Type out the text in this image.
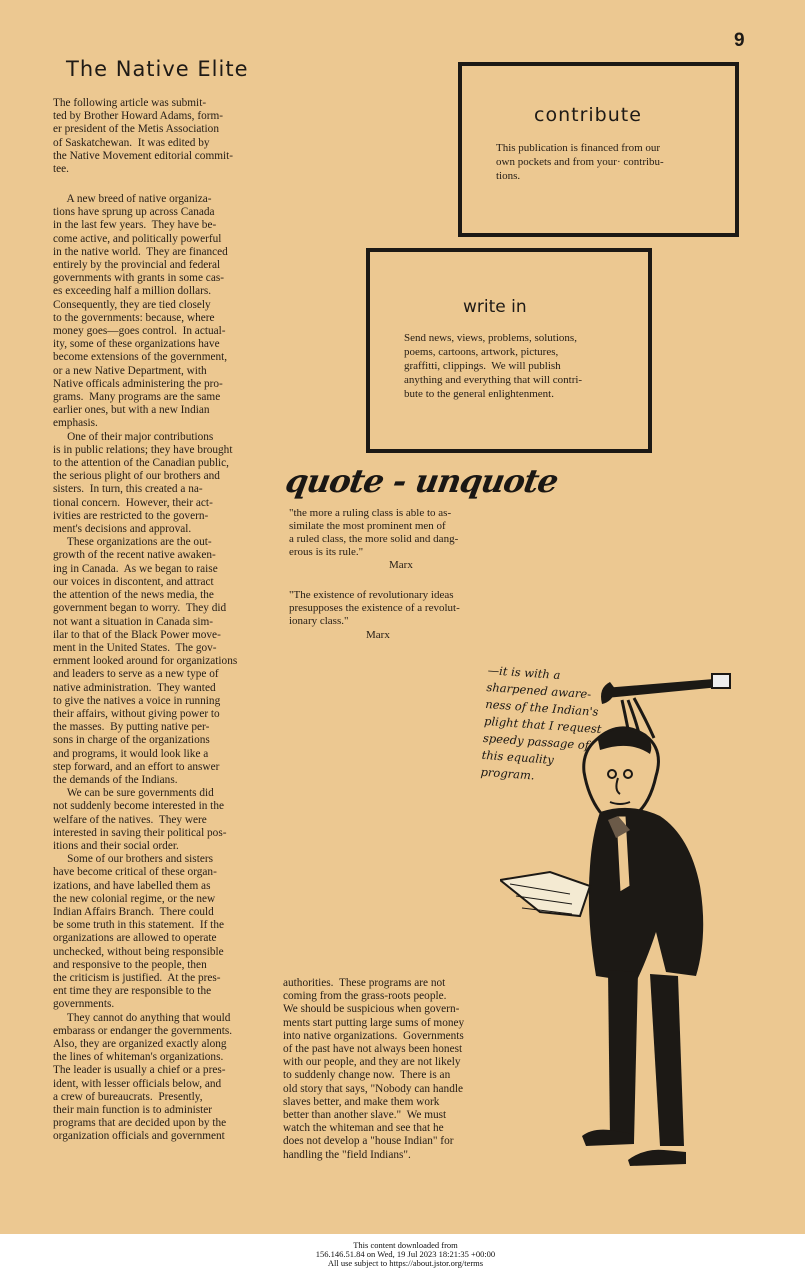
9
The Native Elite

The following article was submit-

ted by Brother Howard Adams, form-

er president of the Metis Association

of Saskatchewan.  It was edited by

the Native Movement editorial commit-

tee.

A new breed of native organiza-

tions have sprung up across Canada

in the last few years.  They have be-

come active, and politically powerful

in the native world.  They are financed

entirely by the provincial and federal

governments with grants in some cas-

es exceeding half a million dollars.

Consequently, they are tied closely

to the governments: because, where

money goes—goes control.  In actual-

ity, some of these organizations have

become extensions of the government,

or a new Native Department, with

Native officals administering the pro-

grams.  Many programs are the same

earlier ones, but with a new Indian

emphasis.

One of their major contributions

is in public relations; they have brought

to the attention of the Canadian public,

the serious plight of our brothers and

sisters.  In turn, this created a na-

tional concern.  However, their act-

ivities are restricted to the govern-

ment's decisions and approval.

These organizations are the out-

growth of the recent native awaken-

ing in Canada.  As we began to raise

our voices in discontent, and attract

the attention of the news media, the

government began to worry.  They did

not want a situation in Canada sim-

ilar to that of the Black Power move-

ment in the United States.  The gov-

ernment looked around for organizations

and leaders to serve as a new type of

native administration.  They wanted

to give the natives a voice in running

their affairs, without giving power to

the masses.  By putting native per-

sons in charge of the organizations

and programs, it would look like a

step forward, and an effort to answer

the demands of the Indians.

We can be sure governments did

not suddenly become interested in the

welfare of the natives.  They were

interested in saving their political pos-

itions and their social order.

Some of our brothers and sisters

have become critical of these organ-

izations, and have labelled them as

the new colonial regime, or the new

Indian Affairs Branch.  There could

be some truth in this statement.  If the

organizations are allowed to operate

unchecked, without being responsible

and responsive to the people, then

the criticism is justified.  At the pres-

ent time they are responsible to the

governments.

They cannot do anything that would

embarass or endanger the governments.

Also, they are organized exactly along

the lines of whiteman's organizations.

The leader is usually a chief or a pres-

ident, with lesser officials below, and

a crew of bureaucrats.  Presently,

their main function is to administer

programs that are decided upon by the

organization officials and government

authorities.  These programs are not

coming from the grass-roots people.

We should be suspicious when govern-

ments start putting large sums of money

into native organizations.  Governments

of the past have not always been honest

with our people, and they are not likely

to suddenly change now.  There is an

old story that says, "Nobody can handle

slaves better, and make them work

better than another slave."  We must

watch the whiteman and see that he

does not develop a "house Indian" for

handling the "field Indians".

contribute

This publication is financed from our

own pockets and from your· contribu-

tions.

write in

Send news, views, problems, solutions,

poems, cartoons, artwork, pictures,

graffitti, clippings.  We will publish

anything and everything that will contri-

bute to the general enlightenment.

quote - unquote

"the more a ruling class is able to as-

similate the most prominent men of

a ruled class, the more solid and dang-

erous is its rule."

Marx

"The existence of revolutionary ideas

presupposes the existence of a revolut-

ionary class."

Marx
—it is with a
sharpened aware-
ness of the Indian's
plight that I request
speedy passage of
this equality
program.
This content downloaded from
156.146.51.84 on Wed, 19 Jul 2023 18:21:35 +00:00
All use subject to https://about.jstor.org/terms
